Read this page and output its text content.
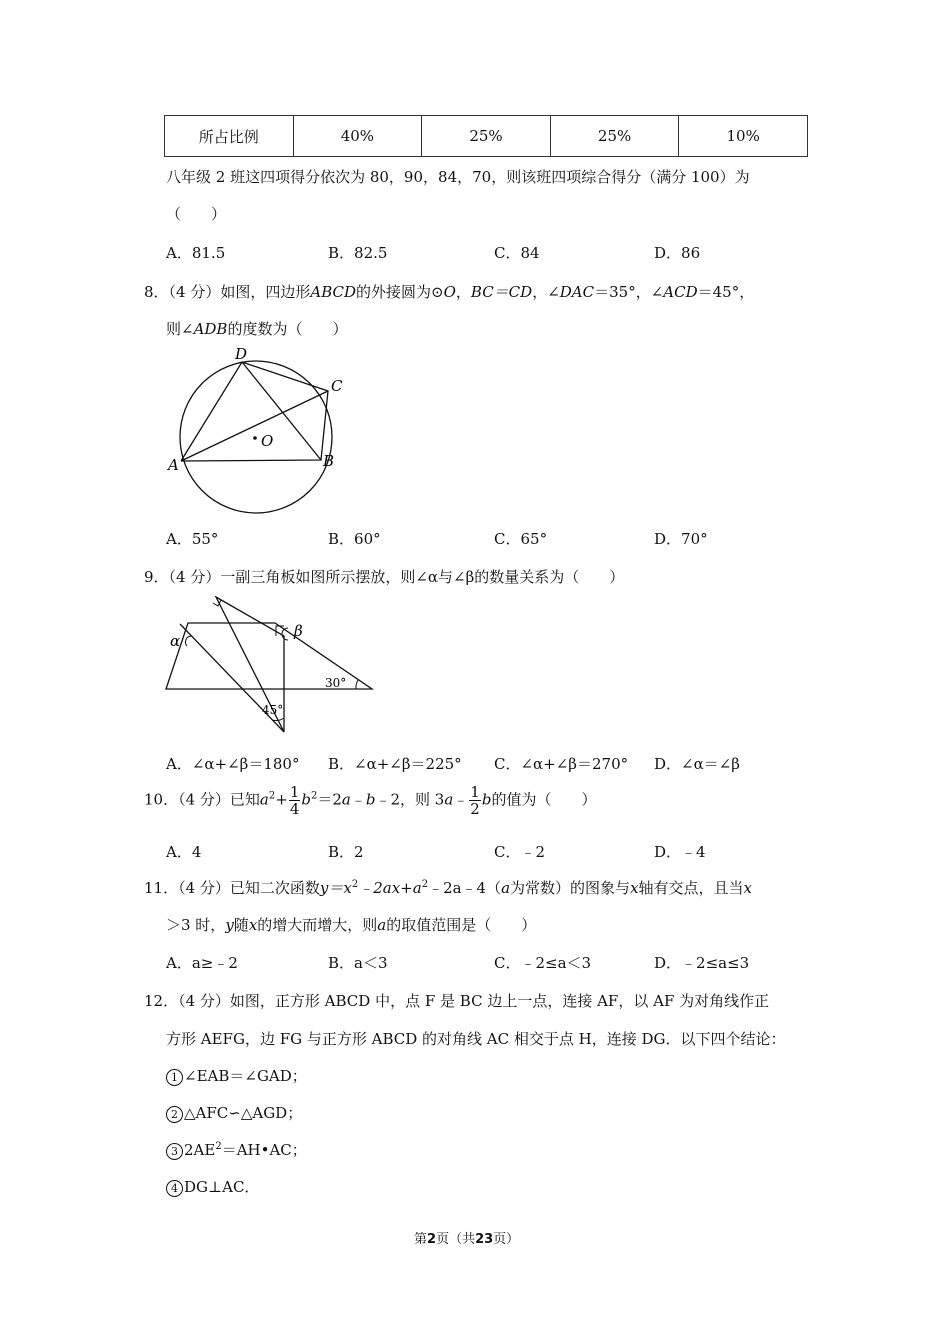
所占比例	40%	25%	25%	10%
八年级 2 班这四项得分依次为 80，90，84，70，则该班四项综合得分（满分 100）为
（　　）
A．81.5	B．82.5	C．84	D．86
8．（4 分）如图，四边形ABCD的外接圆为⊙O，BC＝CD，∠DAC＝35°，∠ACD＝45°，
则∠ADB的度数为（　　）
O
D
C
B
A
A．55°	B．60°	C．65°	D．70°
9．（4 分）一副三角板如图所示摆放，则∠α与∠β的数量关系为（　　）
α
β
30°
45°
A．∠α+∠β＝180° B．∠α+∠β＝225° C．∠α+∠β＝270° D．∠α＝∠β
10．（4 分）已知$a^2+ \frac{1}{4}$ $b^2=2a﹣b﹣2$，则 3a﹣ $\frac{1}{2}$ b的值为（　　）
A．4	B．2	C．﹣2	D．﹣4
11．（4 分）已知二次函数$y=x^2﹣2ax+a^2﹣2a﹣4(a$为常数）的图象与x轴有交点，且当x
＞3 时，y随x的增大而增大，则a的取值范围是（　　）
A．a≥﹣2	B．a＜3	C．﹣2≤a＜3	D．﹣2≤a≤3
12．（4 分）如图，正方形 ABCD 中，点 F 是 BC 边上一点，连接 AF，以 AF 为对角线作正
方形 AEFG，边 FG 与正方形 ABCD 的对角线 AC 相交于点 H，连接 DG．以下四个结论：
1 ∠EAB＝∠GAD；
2 △AFC∽△AGD；
3 $2AE^2=AH•AC$；
4 DG⊥AC．
第2页（共23页）
